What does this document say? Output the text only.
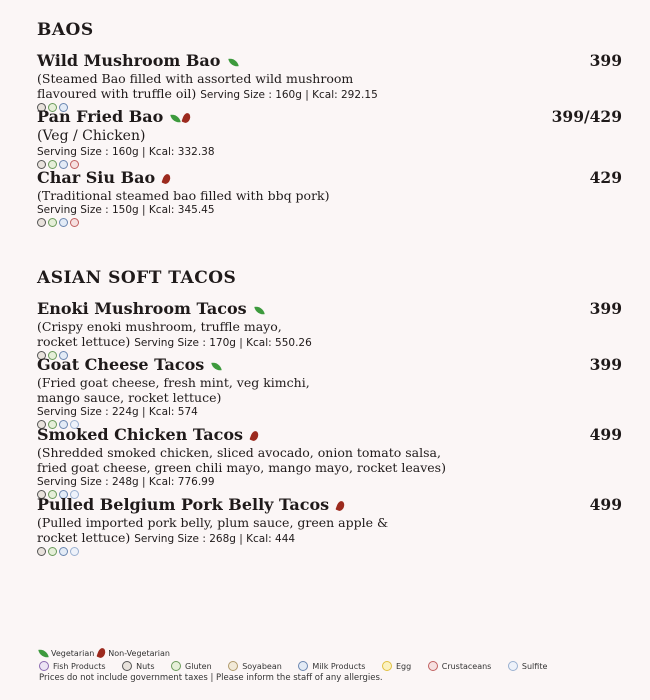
BAOS
Wild Mushroom Bao	399
(Steamed Bao filled with assorted wild mushroom
flavoured with truffle oil) Serving Size : 160g | Kcal: 292.15
Pan Fried Bao	399/429
(Veg / Chicken)
Serving Size : 160g | Kcal: 332.38
Char Siu Bao	429
(Traditional steamed bao filled with bbq pork)
Serving Size : 150g | Kcal: 345.45
ASIAN SOFT TACOS
Enoki Mushroom Tacos	399
(Crispy enoki mushroom, truffle mayo,
rocket lettuce) Serving Size : 170g | Kcal: 550.26
Goat Cheese Tacos	399
(Fried goat cheese, fresh mint, veg kimchi,
mango sauce, rocket lettuce)
Serving Size : 224g | Kcal: 574
Smoked Chicken Tacos	499
(Shredded smoked chicken, sliced avocado, onion tomato salsa,
fried goat cheese, green chili mayo, mango mayo, rocket leaves)
Serving Size : 248g | Kcal: 776.99
Pulled Belgium Pork Belly Tacos	499
(Pulled imported pork belly, plum sauce, green apple &
rocket lettuce) Serving Size : 268g | Kcal: 444
Vegetarian Non-Vegetarian
Fish Products
	Nuts
	Gluten
	Soyabean
	Milk Products
	Egg
	Crustaceans
	Sulfite
Prices do not include government taxes | Please inform the staff of any allergies.
